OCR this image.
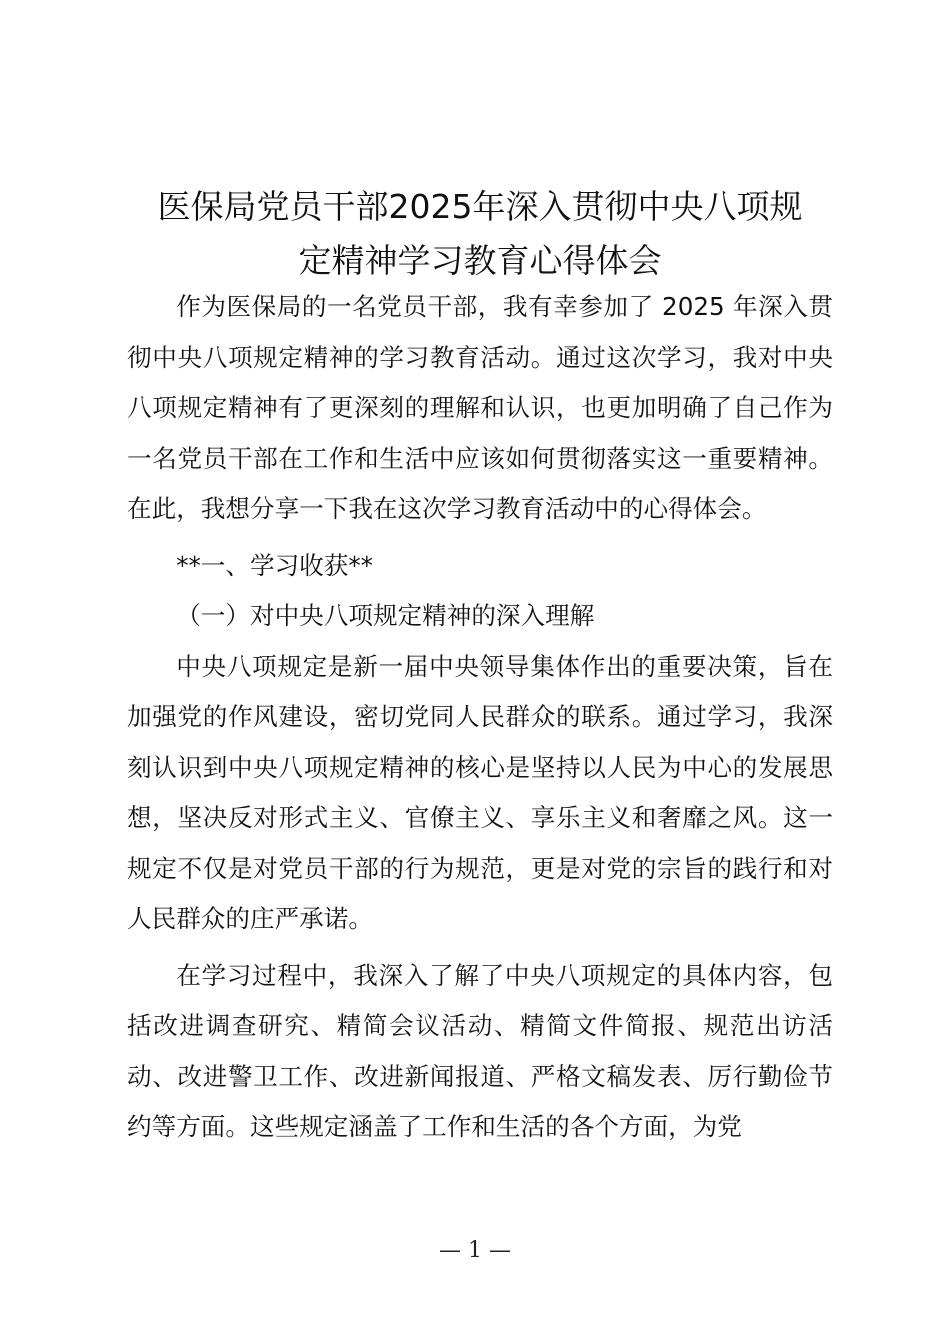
医保局党员干部2025年深入贯彻中央八项规
定精神学习教育心得体会

作为医保局的一名党员干部，我有幸参加了 2025 年深入贯彻中央八项规定精神的学习教育活动。通过这次学习，我对中央八项规定精神有了更深刻的理解和认识，也更加明确了自己作为一名党员干部在工作和生活中应该如何贯彻落实这一重要精神。在此，我想分享一下我在这次学习教育活动中的心得体会。

**一、学习收获**

（一）对中央八项规定精神的深入理解

中央八项规定是新一届中央领导集体作出的重要决策，旨在加强党的作风建设，密切党同人民群众的联系。通过学习，我深刻认识到中央八项规定精神的核心是坚持以人民为中心的发展思想，坚决反对形式主义、官僚主义、享乐主义和奢靡之风。这一规定不仅是对党员干部的行为规范，更是对党的宗旨的践行和对人民群众的庄严承诺。

在学习过程中，我深入了解了中央八项规定的具体内容，包括改进调查研究、精简会议活动、精简文件简报、规范出访活动、改进警卫工作、改进新闻报道、严格文稿发表、厉行勤俭节约等方面。这些规定涵盖了工作和生活的各个方面，为党

— 1 —
